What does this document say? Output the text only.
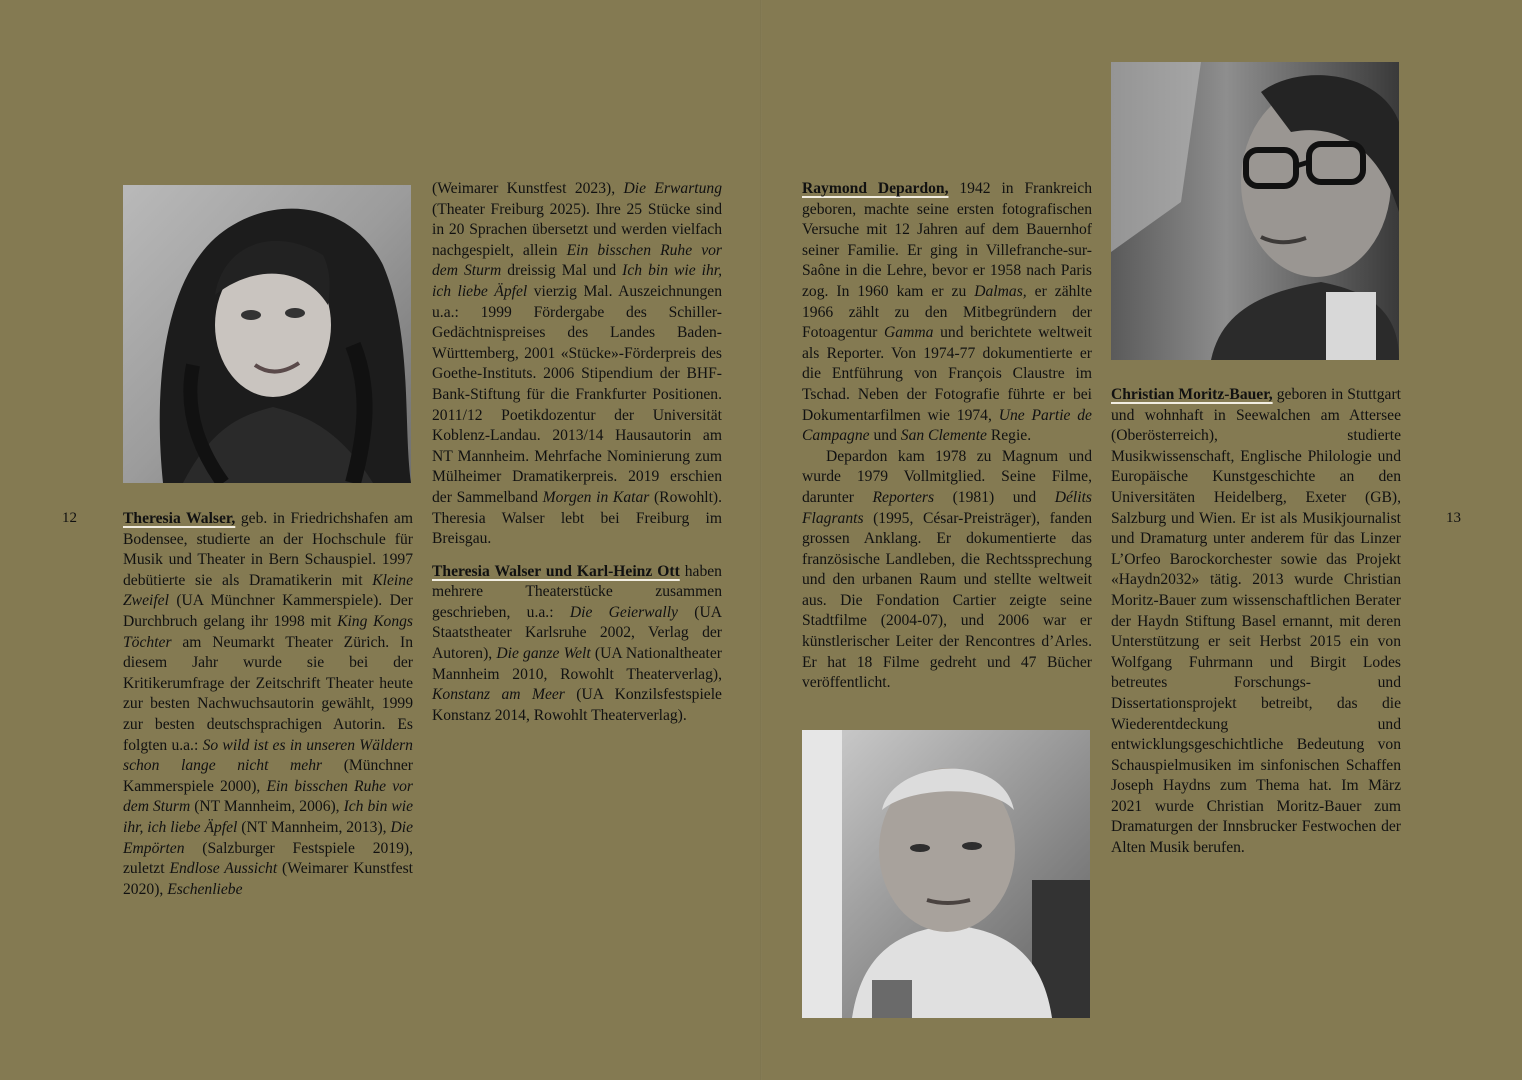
12	13

Theresia Walser, geb. in Friedrichshafen am Bodensee, studierte an der Hochschule für Musik und Theater in Bern Schauspiel. 1997 debütierte sie als Dramatikerin mit Kleine Zweifel (UA Münchner Kammerspiele). Der Durchbruch gelang ihr 1998 mit King Kongs Töchter am Neumarkt Theater Zürich. In diesem Jahr wurde sie bei der Kritikerumfrage der Zeitschrift Theater heute zur besten Nachwuchsautorin gewählt, 1999 zur besten deutschsprachigen Autorin. Es folgten u.a.: So wild ist es in unseren Wäldern schon lange nicht mehr (Münchner Kammerspiele 2000), Ein bisschen Ruhe vor dem Sturm (NT Mannheim, 2006), Ich bin wie ihr, ich liebe Äpfel (NT Mannheim, 2013), Die Empörten (Salzburger Festspiele 2019), zuletzt Endlose Aussicht (Weimarer Kunstfest 2020), Eschenliebe

(Weimarer Kunstfest 2023), Die Erwartung (Theater Freiburg 2025). Ihre 25 Stücke sind in 20 Sprachen übersetzt und werden vielfach nachgespielt, allein Ein bisschen Ruhe vor dem Sturm dreissig Mal und Ich bin wie ihr, ich liebe Äpfel vierzig Mal. Auszeichnungen u.a.: 1999 Fördergabe des Schiller-Gedächtnispreises des Landes Baden-Württemberg, 2001 «Stücke»-Förderpreis des Goethe-Instituts. 2006 Stipendium der BHF-Bank-Stiftung für die Frankfurter Positionen. 2011/12 Poetikdozentur der Universität Koblenz-Landau. 2013/14 Hausautorin am NT Mannheim. Mehrfache Nominierung zum Mülheimer Dramatikerpreis. 2019 erschien der Sammelband Morgen in Katar (Rowohlt). Theresia Walser lebt bei Freiburg im Breisgau.

Theresia Walser und Karl-Heinz Ott haben mehrere Theaterstücke zusammen geschrieben, u.a.: Die Geierwally (UA Staatstheater Karlsruhe 2002, Verlag der Autoren), Die ganze Welt (UA Nationaltheater Mannheim 2010, Rowohlt Theaterverlag), Konstanz am Meer (UA Konzilsfestspiele Konstanz 2014, Rowohlt Theaterverlag).

Raymond Depardon, 1942 in Frankreich geboren, machte seine ersten fotografischen Versuche mit 12 Jahren auf dem Bauernhof seiner Familie. Er ging in Villefranche-sur-Saône in die Lehre, bevor er 1958 nach Paris zog. In 1960 kam er zu Dalmas, er zählte 1966 zählt zu den Mitbegründern der Fotoagentur Gamma und berichtete weltweit als Reporter. Von 1974-77 dokumentierte er die Entführung von François Claustre im Tschad. Neben der Fotografie führte er bei Dokumentarfilmen wie 1974, Une Partie de Campagne und San Clemente Regie.

Depardon kam 1978 zu Magnum und wurde 1979 Vollmitglied. Seine Filme, darunter Reporters (1981) und Délits Flagrants (1995, César-Preisträger), fanden grossen Anklang. Er dokumentierte das französische Landleben, die Rechtssprechung und den urbanen Raum und stellte weltweit aus. Die Fondation Cartier zeigte seine Stadtfilme (2004-07), und 2006 war er künstlerischer Leiter der Rencontres d’Arles. Er hat 18 Filme gedreht und 47 Bücher veröffentlicht.

Christian Moritz-Bauer, geboren in Stuttgart und wohnhaft in Seewalchen am Attersee (Oberösterreich), studierte Musikwissenschaft, Englische Philologie und Europäische Kunstgeschichte an den Universitäten Heidelberg, Exeter (GB), Salzburg und Wien. Er ist als Musikjournalist und Dramaturg unter anderem für das Linzer L’Orfeo Barockorchester sowie das Projekt «Haydn2032» tätig. 2013 wurde Christian Moritz-Bauer zum wissenschaftlichen Berater der Haydn Stiftung Basel ernannt, mit deren Unterstützung er seit Herbst 2015 ein von Wolfgang Fuhrmann und Birgit Lodes betreutes Forschungs- und Dissertationsprojekt betreibt, das die Wiederentdeckung und entwicklungsgeschichtliche Bedeutung von Schauspielmusiken im sinfonischen Schaffen Joseph Haydns zum Thema hat. Im März 2021 wurde Christian Moritz-Bauer zum Dramaturgen der Innsbrucker Festwochen der Alten Musik berufen.
